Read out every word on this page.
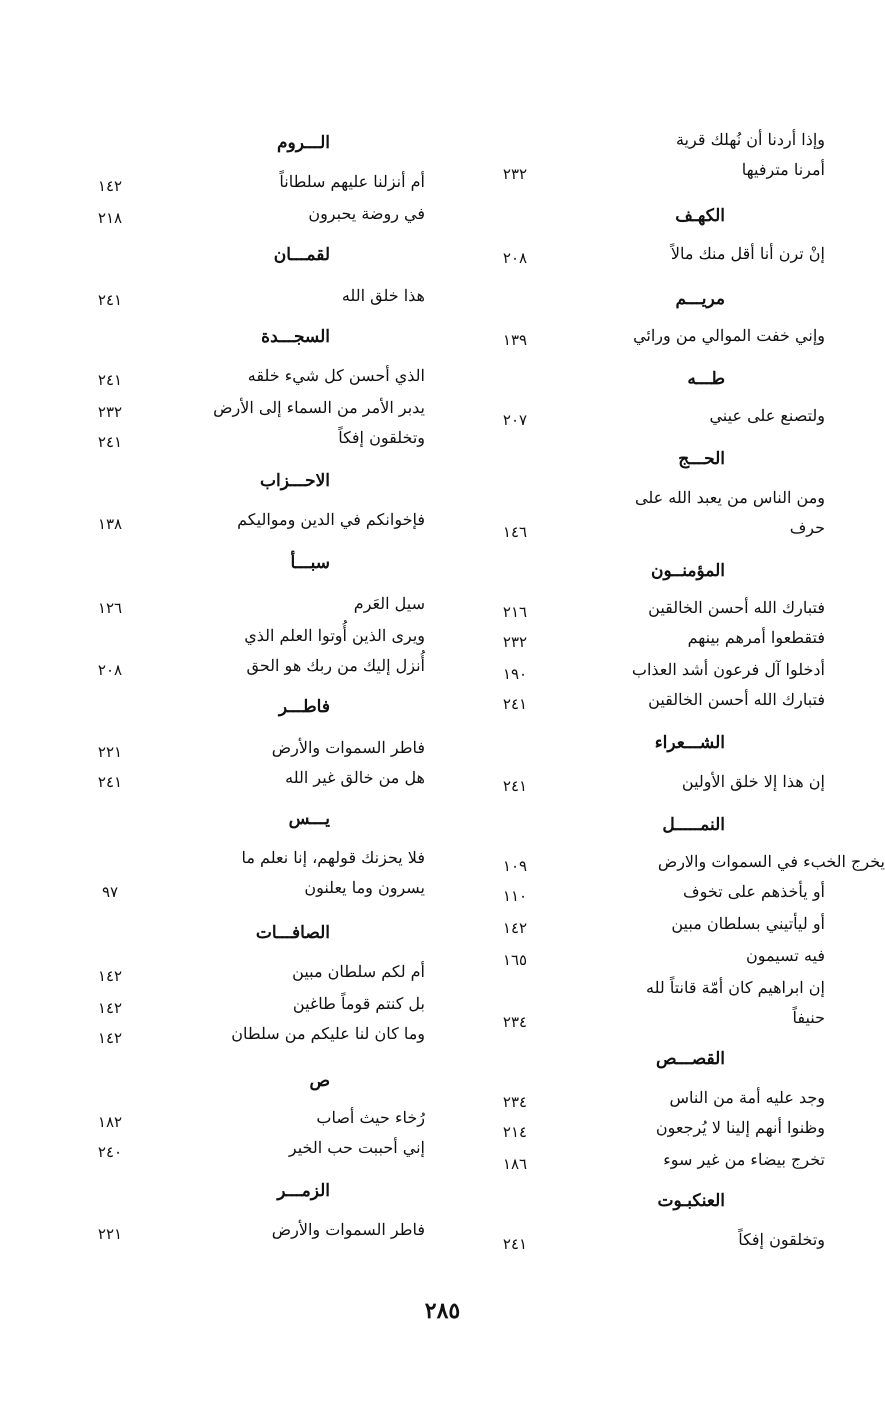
وإذا أردنا أن نُهلك قرية
أمرنا مترفيها
٢٣٢
الكهـف
إنْ ترن أنا أقل منك مالاً
٢٠٨
مريـــم
وإني خفت الموالي من ورائي
١٣٩
طـــه
ولتصنع على عيني
٢٠٧
الحـــج
ومن الناس من يعبد الله على
حرف
١٤٦
المؤمنــون
فتبارك الله أحسن الخالقين
٢١٦
فتقطعوا أمرهم بينهم
٢٣٢
أدخلوا آل فرعون أشد العذاب
١٩٠
فتبارك الله أحسن الخالقين
٢٤١
الشـــعراء
إن هذا إلا خلق الأولين
٢٤١
النمـــــل
يخرج الخبء في السموات والارض
١٠٩
أو يأخذهم على تخوف
١١٠
أو ليأتيني بسلطان مبين
١٤٢
فيه تسيمون
١٦٥
إن ابراهيم كان أمّة قانتاً لله
حنيفاً
٢٣٤
القصـــص
وجد عليه أمة من الناس
٢٣٤
وظنوا أنهم إلينا لا يُرجعون
٢١٤
تخرج بيضاء من غير سوء
١٨٦
العنكبـوت
وتخلقون إفكاً
٢٤١
الـــروم
أم أنزلنا عليهم سلطاناً
١٤٢
في روضة يحبرون
٢١٨
لقمـــان
هذا خلق الله
٢٤١
السجـــدة
الذي أحسن كل شيء خلقه
٢٤١
يدبر الأمر من السماء إلى الأرض
٢٣٢
وتخلقون إفكاً
٢٤١
الاحـــزاب
فإخوانكم في الدين ومواليكم
١٣٨
سبـــأ
سيل العَرم
١٢٦
ويرى الذين أُوتوا العلم الذي
أُنزل إليك من ربك هو الحق
٢٠٨
فاطـــر
فاطر السموات والأرض
٢٢١
هل من خالق غير الله
٢٤١
يـــس
فلا يحزنك قولهم، إنا نعلم ما
يسرون وما يعلنون
٩٧
الصافـــات
أم لكم سلطان مبين
١٤٢
بل كنتم قوماً طاغين
١٤٢
وما كان لنا عليكم من سلطان
١٤٢
ص
رُخاء حيث أصاب
١٨٢
إني أحببت حب الخير
٢٤٠
الزمـــر
فاطر السموات والأرض
٢٢١
٢٨٥
